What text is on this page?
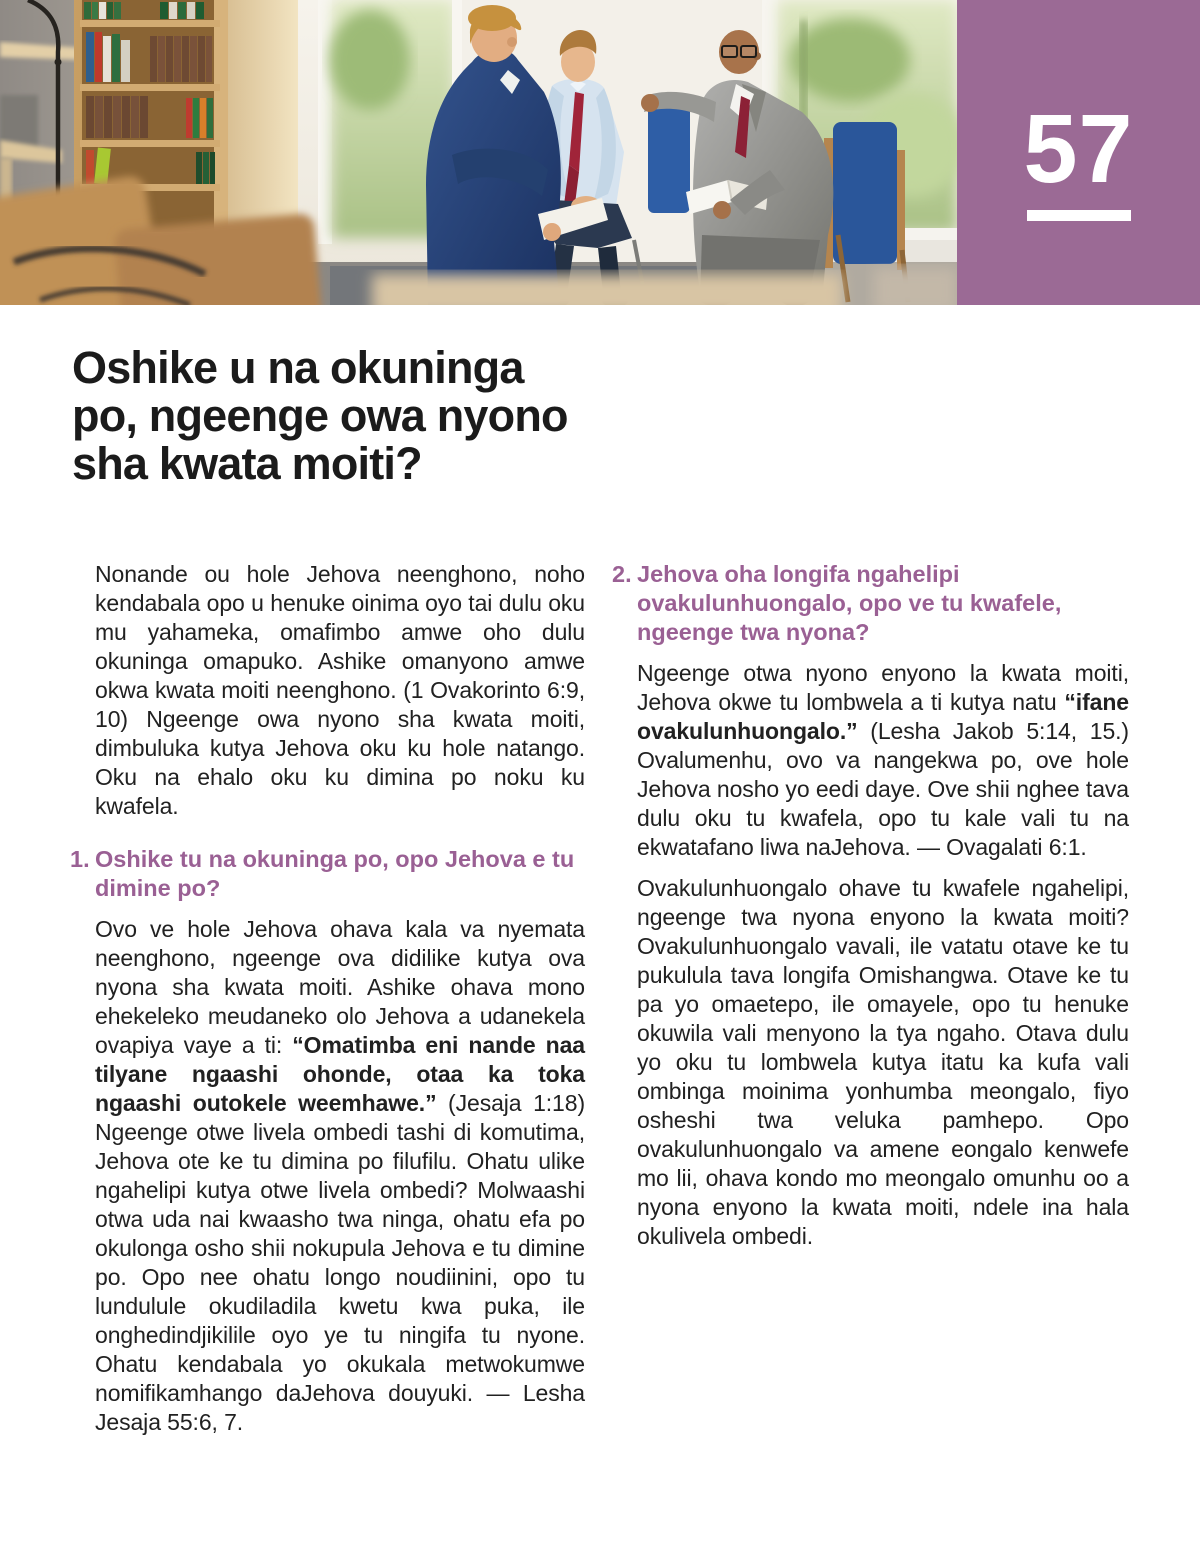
57
Oshike u na okuninga
po, ngeenge owa nyono
sha kwata moiti?

Nonande ou hole Jehova neenghono, noho kendabala opo u henuke oinima oyo tai dulu oku mu yahameka, omafimbo amwe oho dulu okuninga omapuko. Ashike omanyono amwe okwa kwata moiti neenghono. (1 Ovakorinto 6:9, 10) Ngeenge owa nyono sha kwata moiti, dimbuluka kutya Jehova oku ku hole natango. Oku na ehalo oku ku dimina po noku ku kwafela.

1. Oshike tu na okuninga po, opo Jehova e tu dimine po?

Ovo ve hole Jehova ohava kala va nyemata neenghono, ngeenge ova didilike kutya ova nyona sha kwata moiti. Ashike ohava mono ehekeleko meudaneko olo Jehova a udanekela ovapiya vaye a ti: “Omatimba eni nande naa tilyane ngaashi ohonde, otaa ka toka ngaashi outokele weemhawe.” (Jesaja 1:18) Ngeenge otwe livela ombedi tashi di komutima, Jehova ote ke tu dimina po filufilu. Ohatu ulike ngahelipi kutya otwe livela ombedi? Molwaashi otwa uda nai kwaasho twa ninga, ohatu efa po okulonga osho shii nokupula Jehova e tu dimine po. Opo nee ohatu longo noudiinini, opo tu lundulule okudiladila kwetu kwa puka, ile onghedindjikilile oyo ye tu ningifa tu nyone. Ohatu kendabala yo okukala metwokumwe nomifikamhango daJehova douyuki. — Lesha Jesaja 55:6, 7.

2. Jehova oha longifa ngahelipi ovakulunhuongalo, opo ve tu kwafele, ngeenge twa nyona?

Ngeenge otwa nyono enyono la kwata moiti, Jehova okwe tu lombwela a ti kutya natu “ifane ovakulunhuongalo.” (Lesha Jakob 5:14, 15.) Ovalumenhu, ovo va nangekwa po, ove hole Jehova nosho yo eedi daye. Ove shii nghee tava dulu oku tu kwafela, opo tu kale vali tu na ekwatafano liwa naJehova. — Ovagalati 6:1.

Ovakulunhuongalo ohave tu kwafele ngahelipi, ngeenge twa nyona enyono la kwata moiti? Ovakulunhuongalo vavali, ile vatatu otave ke tu pukulula tava longifa Omishangwa. Otave ke tu pa yo omaetepo, ile omayele, opo tu henuke okuwila vali menyono la tya ngaho. Otava dulu yo oku tu lombwela kutya itatu ka kufa vali ombinga moinima yonhumba meongalo, fiyo osheshi twa veluka pamhepo. Opo ovakulunhuongalo va amene eongalo kenwefe mo lii, ohava kondo mo meongalo omunhu oo a nyona enyono la kwata moiti, ndele ina hala okulivela ombedi.
